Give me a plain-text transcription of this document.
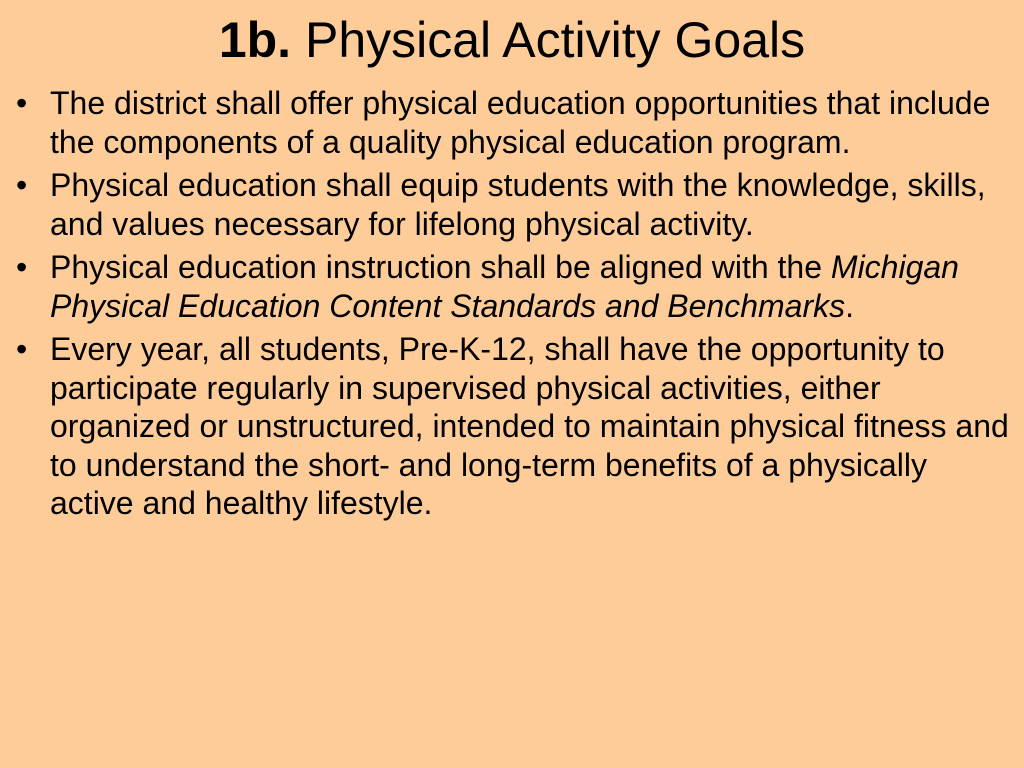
1b. Physical Activity Goals
• The district shall offer physical education opportunities that include the components of a quality physical education program.
• Physical education shall equip students with the knowledge, skills, and values necessary for lifelong physical activity.
• Physical education instruction shall be aligned with the Michigan Physical Education Content Standards and Benchmarks.
• Every year, all students, Pre-K-12, shall have the opportunity to participate regularly in supervised physical activities, either organized or unstructured, intended to maintain physical fitness and to understand the short- and long-term benefits of a physically active and healthy lifestyle.
